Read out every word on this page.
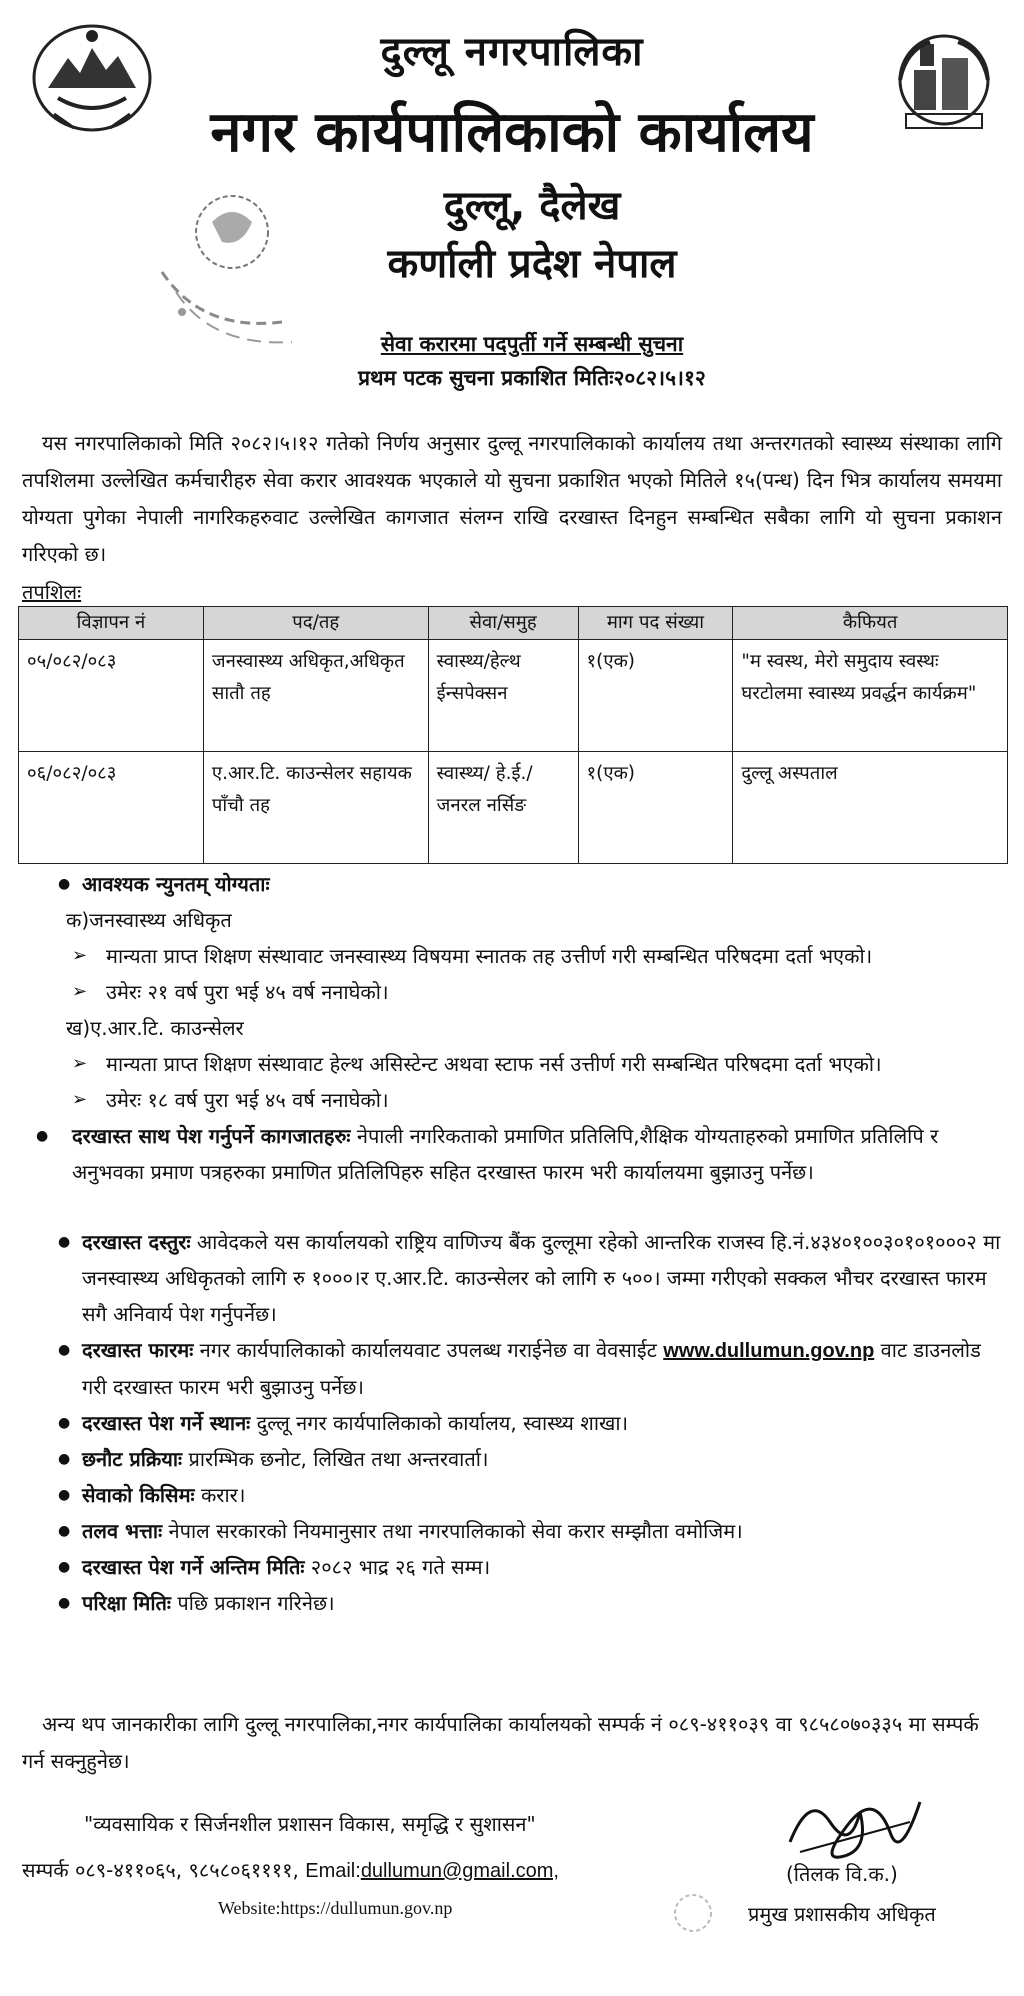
दुल्लू नगरपालिका
नगर कार्यपालिकाको कार्यालय
दुल्लू, दैलेख
कर्णाली प्रदेश नेपाल
सेवा करारमा पदपुर्ती गर्ने सम्बन्धी सुचना
प्रथम पटक सुचना प्रकाशित मितिः२०८२।५।१२

यस नगरपालिकाको मिति २०८२।५।१२ गतेको निर्णय अनुसार दुल्लू नगरपालिकाको कार्यालय तथा अन्तरगतको स्वास्थ्य संस्थाका लागि तपशिलमा उल्लेखित कर्मचारीहरु सेवा करार आवश्यक भएकाले यो सुचना प्रकाशित भएको मितिले १५(पन्ध) दिन भित्र कार्यालय समयमा योग्यता पुगेका नेपाली नागरिकहरुवाट उल्लेखित कागजात संलग्न राखि दरखास्त दिनहुन सम्बन्धित सबैका लागि यो सुचना प्रकाशन गरिएको छ।

तपशिलः
विज्ञापन नं	पद/तह	सेवा/समुह	माग पद संख्या	कैफियत
०५/०८२/०८३	जनस्वास्थ्य अधिकृत,अधिकृत सातौ तह	स्वास्थ्य/हेल्थ ईन्सपेक्सन	१(एक)	"म स्वस्थ, मेरो समुदाय स्वस्थः घरटोलमा स्वास्थ्य प्रवर्द्धन कार्यक्रम"
०६/०८२/०८३	ए.आर.टि. काउन्सेलर सहायक पाँचौ तह	स्वास्थ्य/ हे.ई./जनरल नर्सिङ	१(एक)	दुल्लू अस्पताल
● आवश्यक न्युनतम् योग्यताः
क)जनस्वास्थ्य अधिकृत
➢ मान्यता प्राप्त शिक्षण संस्थावाट जनस्वास्थ्य विषयमा स्नातक तह उत्तीर्ण गरी सम्बन्धित परिषदमा दर्ता भएको।
➢ उमेरः २१ वर्ष पुरा भई ४५ वर्ष ननाघेको।
ख)ए.आर.टि. काउन्सेलर
➢ मान्यता प्राप्त शिक्षण संस्थावाट हेल्थ असिस्टेन्ट अथवा स्टाफ नर्स उत्तीर्ण गरी सम्बन्धित परिषदमा दर्ता भएको।
➢ उमेरः १८ वर्ष पुरा भई ४५ वर्ष ननाघेको।
● दरखास्त साथ पेश गर्नुपर्ने कागजातहरुः नेपाली नगरिकताको प्रमाणित प्रतिलिपि,शैक्षिक योग्यताहरुको प्रमाणित प्रतिलिपि र अनुभवका प्रमाण पत्रहरुका प्रमाणित प्रतिलिपिहरु सहित दरखास्त फारम भरी कार्यालयमा बुझाउनु पर्नेछ।
● दरखास्त दस्तुरः आवेदकले यस कार्यालयको राष्ट्रिय वाणिज्य बैंक दुल्लूमा रहेको आन्तरिक राजस्व हि.नं.४३४०१००३०१०१०००२ मा जनस्वास्थ्य अधिकृतको लागि रु १०००।र ए.आर.टि. काउन्सेलर को लागि रु ५००। जम्मा गरीएको सक्कल भौचर दरखास्त फारम सगै अनिवार्य पेश गर्नुपर्नेछ।
● दरखास्त फारमः नगर कार्यपालिकाको कार्यालयवाट उपलब्ध गराईनेछ वा वेवसाईट www.dullumun.gov.np वाट डाउनलोड गरी दरखास्त फारम भरी बुझाउनु पर्नेछ।
● दरखास्त पेश गर्ने स्थानः दुल्लू नगर कार्यपालिकाको कार्यालय, स्वास्थ्य शाखा।
● छनौट प्रक्रियाः प्रारम्भिक छनोट, लिखित तथा अन्तरवार्ता।
● सेवाको किसिमः करार।
● तलव भत्ताः नेपाल सरकारको नियमानुसार तथा नगरपालिकाको सेवा करार सम्झौता वमोजिम।
● दरखास्त पेश गर्ने अन्तिम मितिः २०८२ भाद्र २६ गते सम्म।
● परिक्षा मितिः पछि प्रकाशन गरिनेछ।

अन्य थप जानकारीका लागि दुल्लू नगरपालिका,नगर कार्यपालिका कार्यालयको सम्पर्क नं ०८९-४११०३९ वा ९८५८०७०३३५ मा सम्पर्क गर्न सक्नुहुनेछ।

"व्यवसायिक र सिर्जनशील प्रशासन विकास, समृद्धि र सुशासन"
सम्पर्क ०८९-४११०६५, ९८५८०६११११, Email:dullumun@gmail.com,
Website:https://dullumun.gov.np
(तिलक वि.क.)
प्रमुख प्रशासकीय अधिकृत
